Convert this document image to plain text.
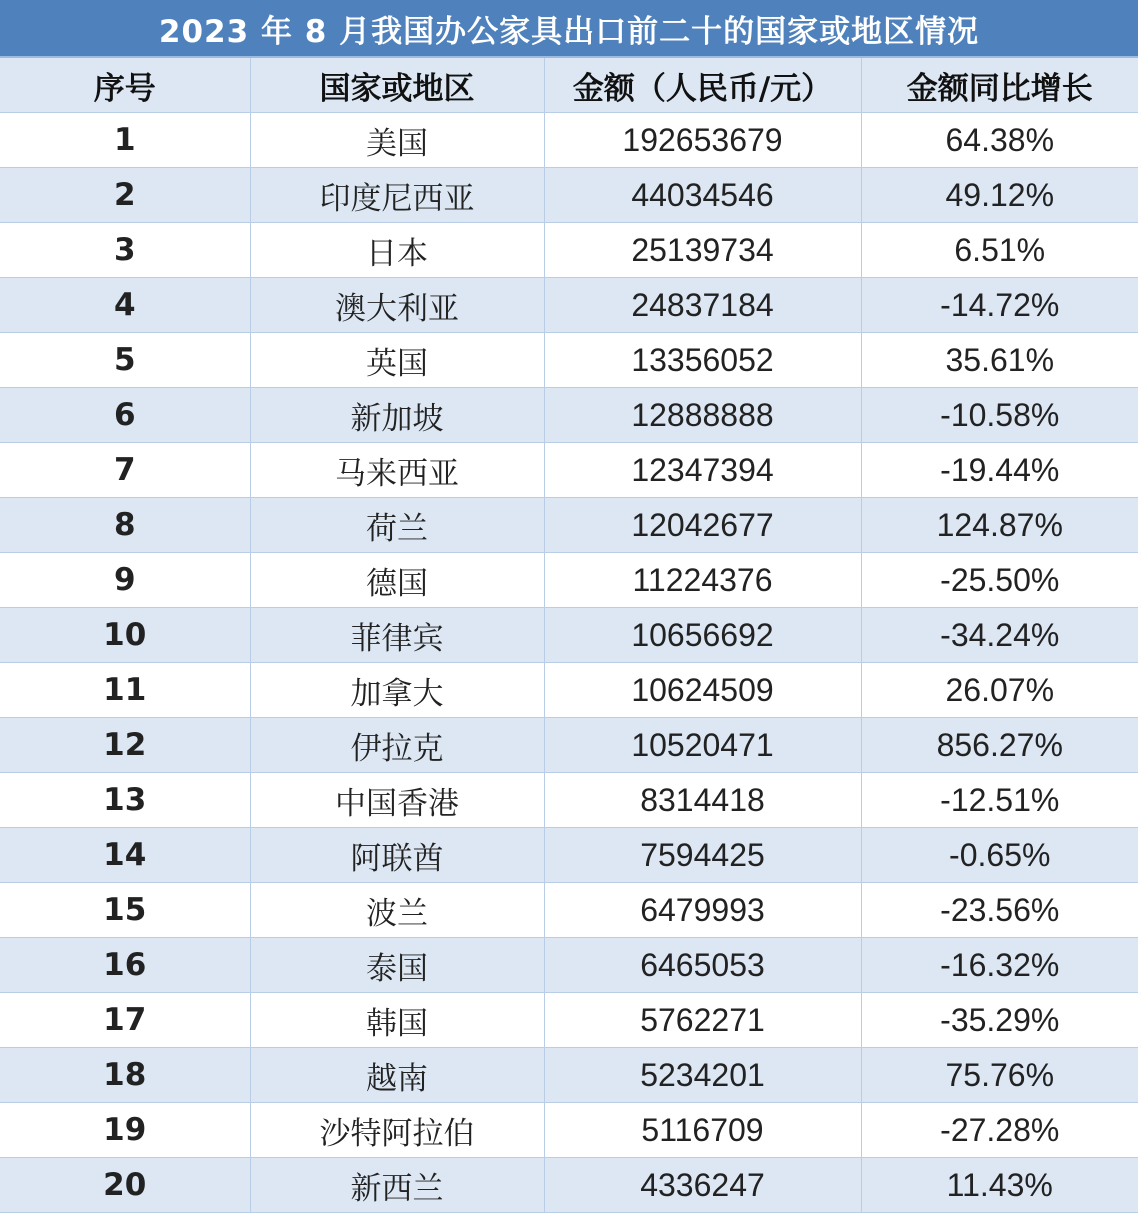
2023 年 8 月我国办公家具出口前二十的国家或地区情况
序号	国家或地区	金额（人民币/元）	金额同比增长
1	美国	192653679	64.38%
2	印度尼西亚	44034546	49.12%
3	日本	25139734	6.51%
4	澳大利亚	24837184	-14.72%
5	英国	13356052	35.61%
6	新加坡	12888888	-10.58%
7	马来西亚	12347394	-19.44%
8	荷兰	12042677	124.87%
9	德国	11224376	-25.50%
10	菲律宾	10656692	-34.24%
11	加拿大	10624509	26.07%
12	伊拉克	10520471	856.27%
13	中国香港	8314418	-12.51%
14	阿联酋	7594425	-0.65%
15	波兰	6479993	-23.56%
16	泰国	6465053	-16.32%
17	韩国	5762271	-35.29%
18	越南	5234201	75.76%
19	沙特阿拉伯	5116709	-27.28%
20	新西兰	4336247	11.43%
